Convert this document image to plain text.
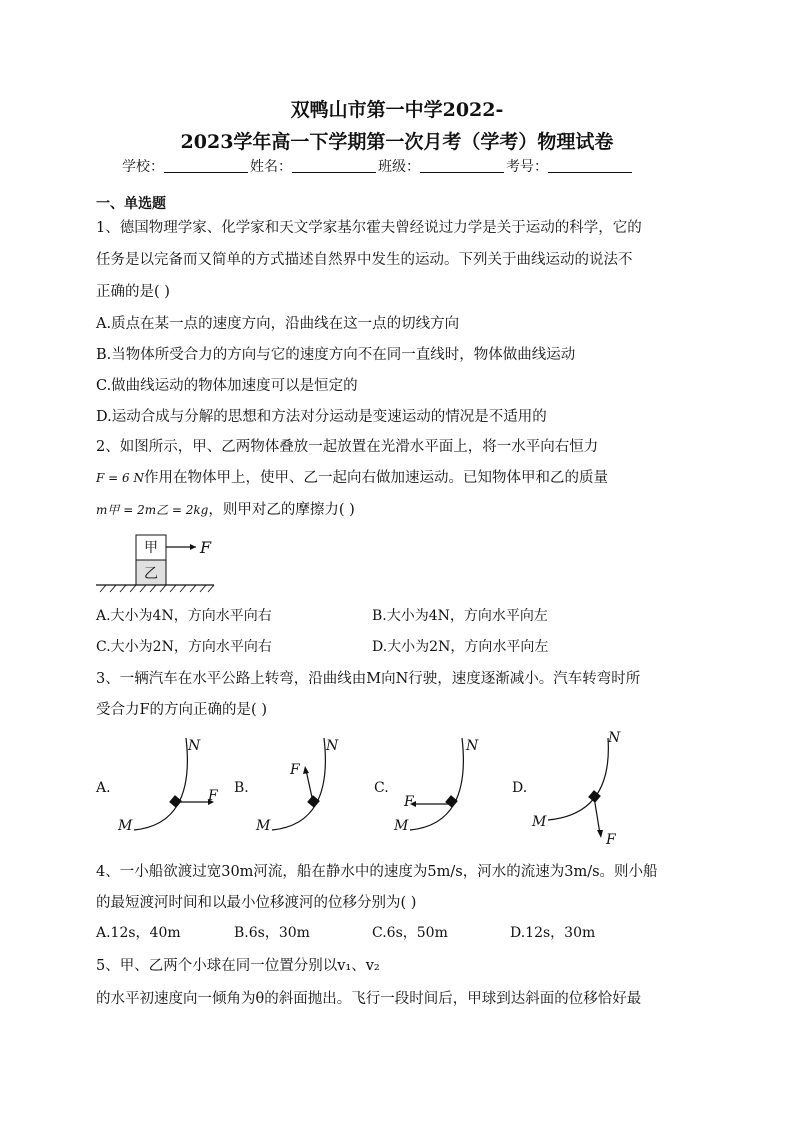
双鸭山市第一中学2022-
2023学年高一下学期第一次月考（学考）物理试卷
学校：	姓名：	班级：	考号：
一、单选题
1、德国物理学家、化学家和天文学家基尔霍夫曾经说过力学是关于运动的科学，它的
任务是以完备而又简单的方式描述自然界中发生的运动。下列关于曲线运动的说法不
正确的是( )
A.质点在某一点的速度方向，沿曲线在这一点的切线方向
B.当物体所受合力的方向与它的速度方向不在同一直线时，物体做曲线运动
C.做曲线运动的物体加速度可以是恒定的
D.运动合成与分解的思想和方法对分运动是变速运动的情况是不适用的
2、如图所示，甲、乙两物体叠放一起放置在光滑水平面上，将一水平向右恒力
F = 6 N作用在物体甲上，使甲、乙一起向右做加速运动。已知物体甲和乙的质量
m甲 = 2m乙 = 2kg，则甲对乙的摩擦力( )
甲
乙
F
A.大小为4N，方向水平向右	B.大小为4N，方向水平向左
C.大小为2N，方向水平向右	D.大小为2N，方向水平向左
3、一辆汽车在水平公路上转弯，沿曲线由M向N行驶，速度逐渐减小。汽车转弯时所
受合力F的方向正确的是( )
A.
M
N
F B.
M
N
F
C.
M
N
F
D.
M
N
F
4、一小船欲渡过宽30m河流，船在静水中的速度为5m/s，河水的流速为3m/s。则小船
的最短渡河时间和以最小位移渡河的位移分别为( )
A.12s，40m	B.6s，30m	C.6s，50m	D.12s，30m
5、甲、乙两个小球在同一位置分别以v₁、v₂
的水平初速度向一倾角为θ的斜面抛出。飞行一段时间后，甲球到达斜面的位移恰好最
